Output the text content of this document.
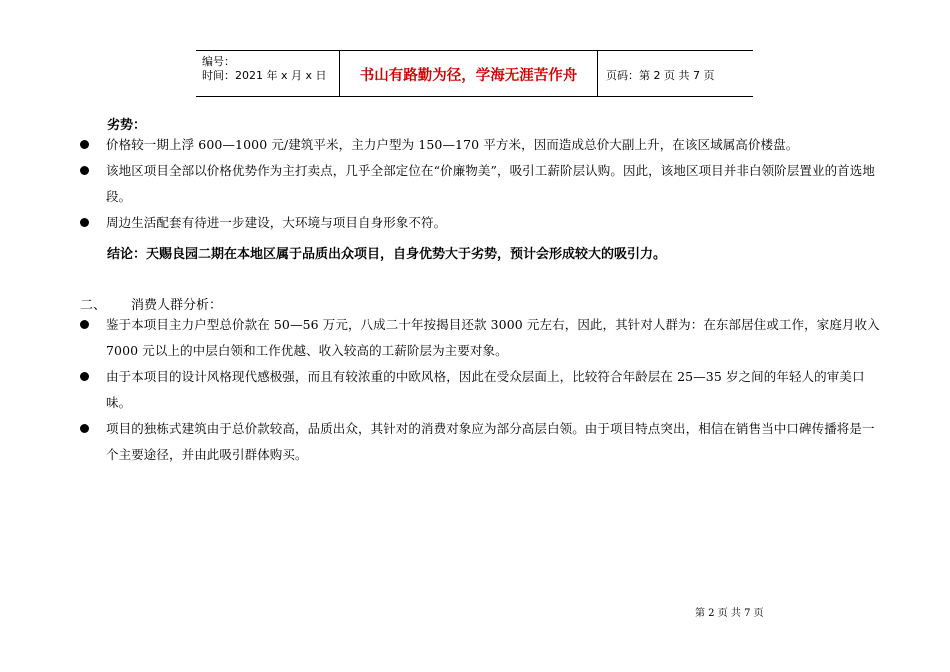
编号：
时间：2021 年 x 月 x 日	书山有路勤为径，学海无涯苦作舟	页码：第 2 页 共 7 页
劣势：
价格较一期上浮 600—1000 元/建筑平米，主力户型为 150—170 平方米，因而造成总价大副上升，在该区域属高价楼盘。
该地区项目全部以价格优势作为主打卖点，几乎全部定位在“价廉物美”，吸引工薪阶层认购。因此，该地区项目并非白领阶层置业的首选地段。
周边生活配套有待进一步建设，大环境与项目自身形象不符。
结论：天赐良园二期在本地区属于品质出众项目，自身优势大于劣势，预计会形成较大的吸引力。
二、 消费人群分析：
鉴于本项目主力户型总价款在 50—56 万元，八成二十年按揭目还款 3000 元左右，因此，其针对人群为：在东部居住或工作，家庭月收入 7000 元以上的中层白领和工作优越、收入较高的工薪阶层为主要对象。
由于本项目的设计风格现代感极强，而且有较浓重的中欧风格，因此在受众层面上，比较符合年龄层在 25—35 岁之间的年轻人的审美口味。
项目的独栋式建筑由于总价款较高，品质出众，其针对的消费对象应为部分高层白领。由于项目特点突出，相信在销售当中口碑传播将是一个主要途径，并由此吸引群体购买。
第 2 页 共 7 页
